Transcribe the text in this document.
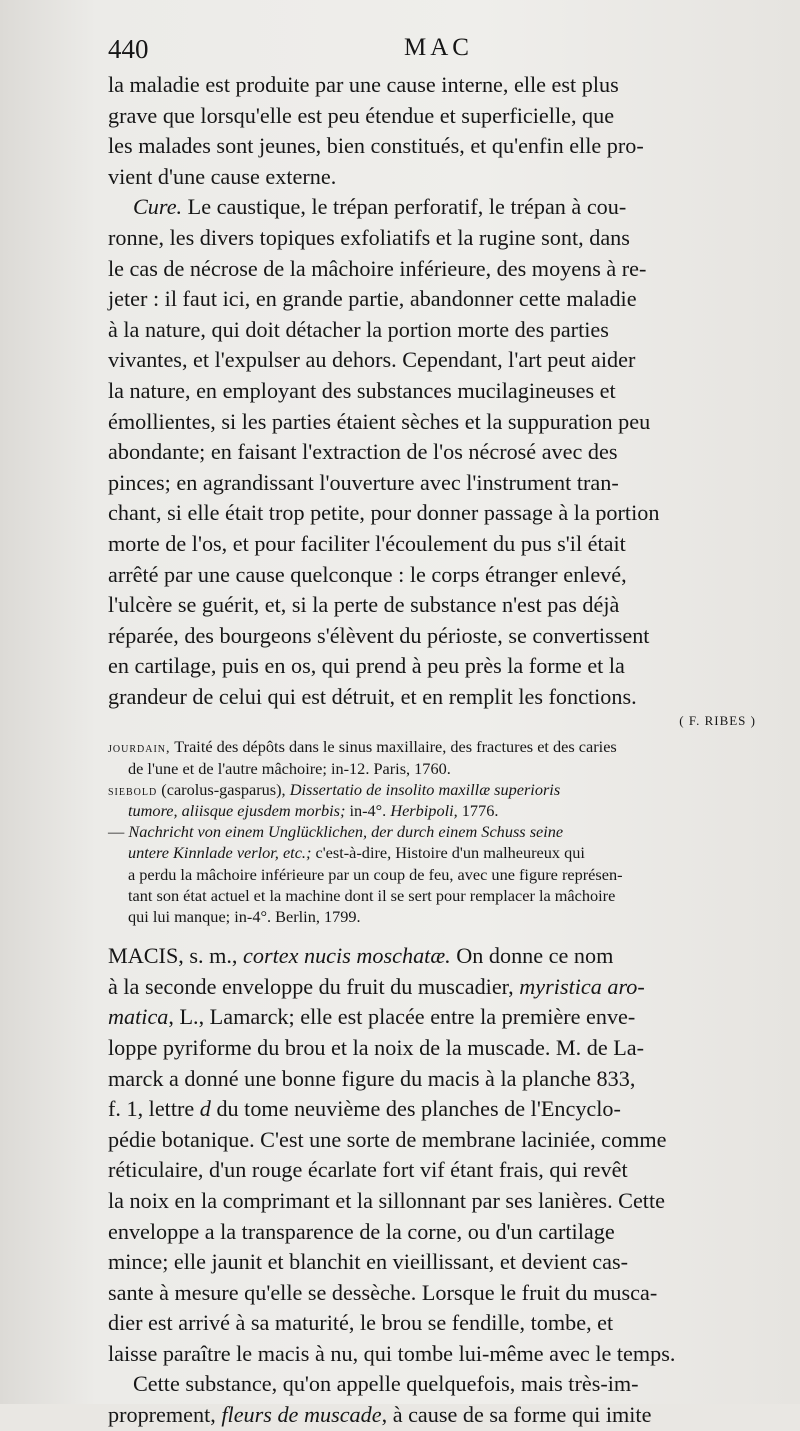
440	MAC
la maladie est produite par une cause interne, elle est plus
grave que lorsqu'elle est peu étendue et superficielle, que
les malades sont jeunes, bien constitués, et qu'enfin elle pro-
vient d'une cause externe.
Cure. Le caustique, le trépan perforatif, le trépan à cou-
ronne, les divers topiques exfoliatifs et la rugine sont, dans
le cas de nécrose de la mâchoire inférieure, des moyens à re-
jeter : il faut ici, en grande partie, abandonner cette maladie
à la nature, qui doit détacher la portion morte des parties
vivantes, et l'expulser au dehors. Cependant, l'art peut aider
la nature, en employant des substances mucilagineuses et
émollientes, si les parties étaient sèches et la suppuration peu
abondante; en faisant l'extraction de l'os nécrosé avec des
pinces; en agrandissant l'ouverture avec l'instrument tran-
chant, si elle était trop petite, pour donner passage à la portion
morte de l'os, et pour faciliter l'écoulement du pus s'il était
arrêté par une cause quelconque : le corps étranger enlevé,
l'ulcère se guérit, et, si la perte de substance n'est pas déjà
réparée, des bourgeons s'élèvent du périoste, se convertissent
en cartilage, puis en os, qui prend à peu près la forme et la
grandeur de celui qui est détruit, et en remplit les fonctions.
( F. RIBES )
jourdain, Traité des dépôts dans le sinus maxillaire, des fractures et des caries
de l'une et de l'autre mâchoire; in-12. Paris, 1760.
siebold (carolus-gasparus), Dissertatio de insolito maxillæ superioris
tumore, aliisque ejusdem morbis; in-4°. Herbipoli, 1776.
— Nachricht von einem Unglücklichen, der durch einem Schuss seine
untere Kinnlade verlor, etc.; c'est-à-dire, Histoire d'un malheureux qui
a perdu la mâchoire inférieure par un coup de feu, avec une figure représen-
tant son état actuel et la machine dont il se sert pour remplacer la mâchoire
qui lui manque; in-4°. Berlin, 1799.
MACIS, s. m., cortex nucis moschatæ. On donne ce nom
à la seconde enveloppe du fruit du muscadier, myristica aro-
matica, L., Lamarck; elle est placée entre la première enve-
loppe pyriforme du brou et la noix de la muscade. M. de La-
marck a donné une bonne figure du macis à la planche 833,
f. 1, lettre d du tome neuvième des planches de l'Encyclo-
pédie botanique. C'est une sorte de membrane laciniée, comme
réticulaire, d'un rouge écarlate fort vif étant frais, qui revêt
la noix en la comprimant et la sillonnant par ses lanières. Cette
enveloppe a la transparence de la corne, ou d'un cartilage
mince; elle jaunit et blanchit en vieillissant, et devient cas-
sante à mesure qu'elle se dessèche. Lorsque le fruit du musca-
dier est arrivé à sa maturité, le brou se fendille, tombe, et
laisse paraître le macis à nu, qui tombe lui-même avec le temps.
Cette substance, qu'on appelle quelquefois, mais très-im-
proprement, fleurs de muscade, à cause de sa forme qui imite
